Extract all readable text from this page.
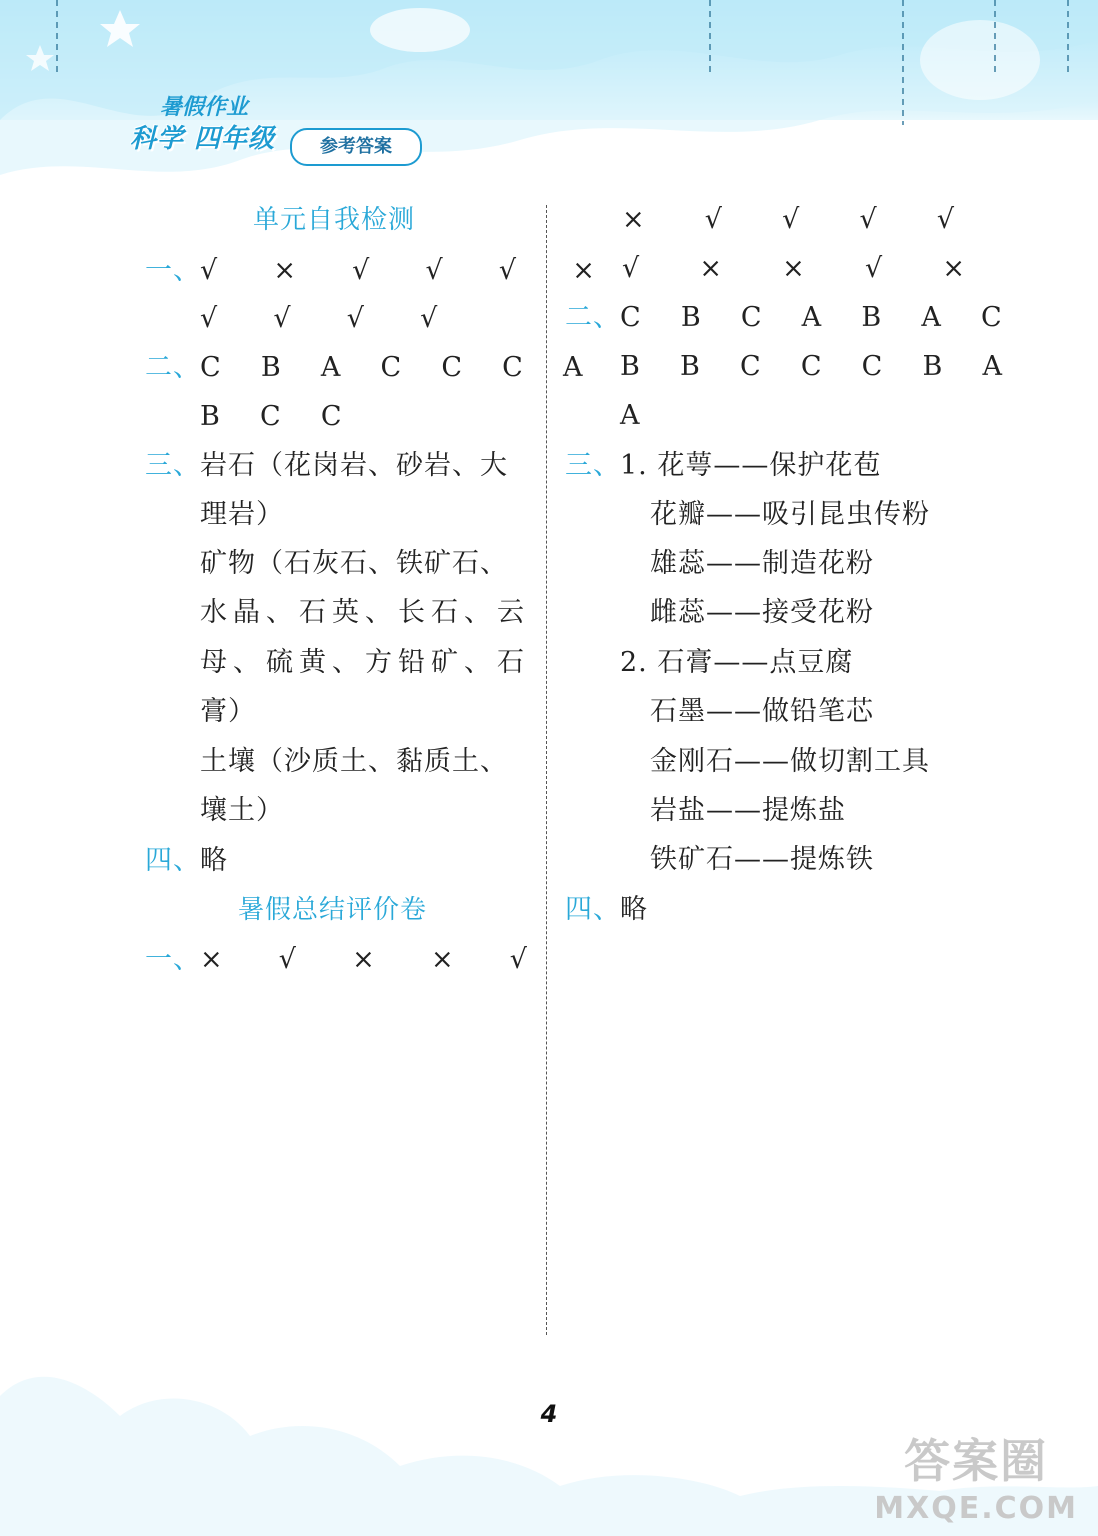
暑假作业
科学 四年级	参考答案
单元自我检测
一、 √  ×  √  √  √  ×
√  √  √  √
二、 C  B  A  C  C  C  A
B  C  C
三、 岩石（花岗岩、砂岩、大
理岩）
矿物（石灰石、铁矿石、
水晶、石英、长石、云
母、硫黄、方铅矿、石
膏）
土壤（沙质土、黏质土、
壤土）
四、 略
暑假总结评价卷
一、 ×  √  ×  ×  √
×  √  √  √  √
√  ×  ×  √  ×
二、 C  B  C  A  B  A  C
B  B  C  C  C  B  A
A
三、 1. 花萼——保护花苞
花瓣——吸引昆虫传粉
雄蕊——制造花粉
雌蕊——接受花粉
2. 石膏——点豆腐
石墨——做铅笔芯
金刚石——做切割工具
岩盐——提炼盐
铁矿石——提炼铁
四、 略
4
答案圈
MXQE.COM
